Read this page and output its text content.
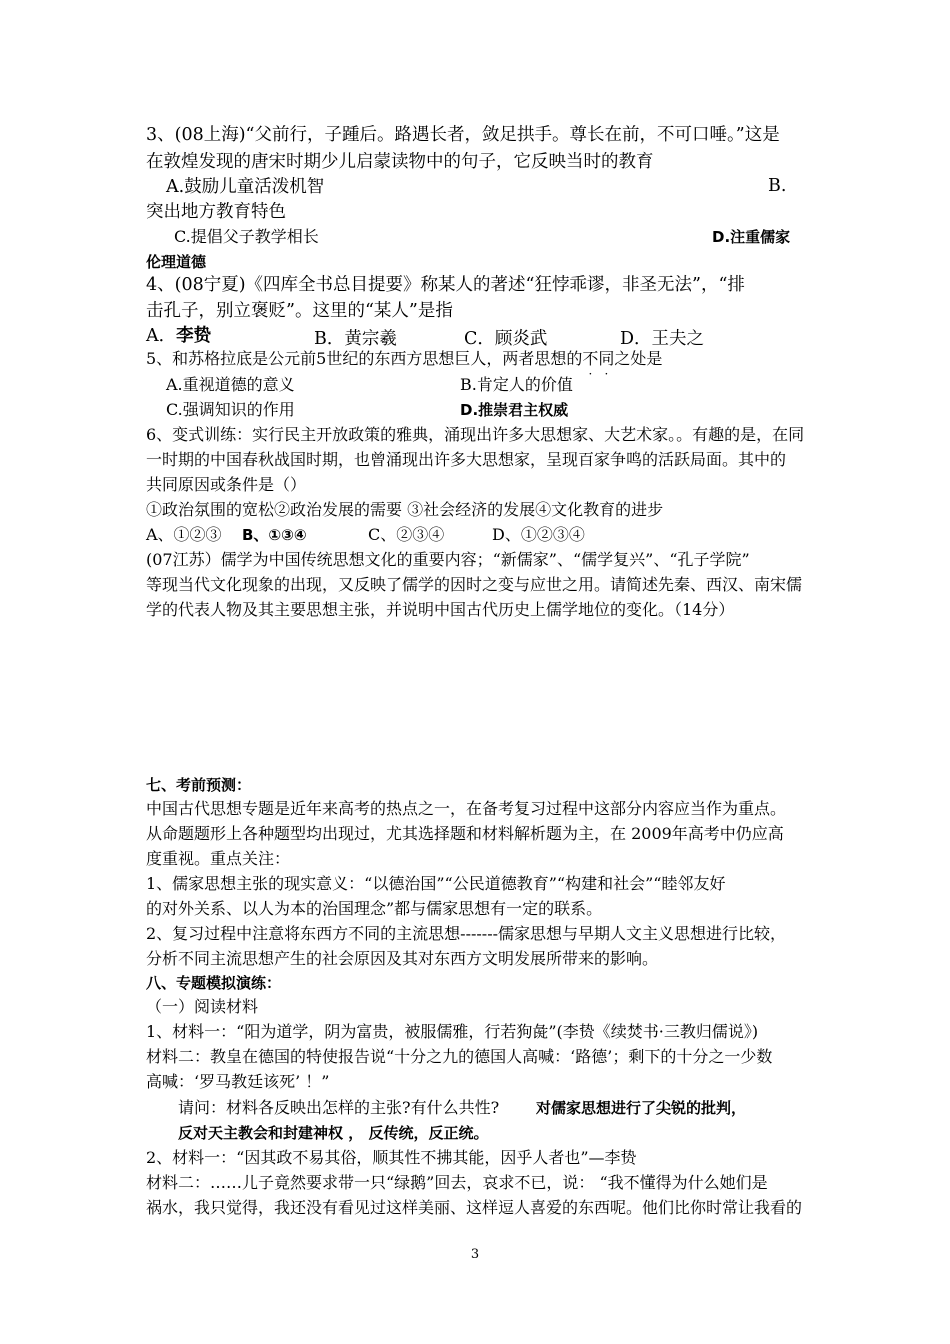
3、(08上海)“父前行，子踵后。路遇长者，敛足拱手。尊长在前，不可口唾。”这是
在敦煌发现的唐宋时期少儿启蒙读物中的句子，它反映当时的教育
A.鼓励儿童活泼机智	B.
突出地方教育特色
C.提倡父子教学相长	D.注重儒家
伦理道德
4、(08宁夏)《四库全书总目提要》称某人的著述“狂悖乖谬，非圣无法”，“排
击孔子，别立褒贬”。这里的“某人”是指
A．李贽	B．黄宗羲	C．顾炎武	D．王夫之
5、和苏格拉底是公元前5世纪的东西方思想巨人，两者思想的不同之处是
A.重视道德的意义	B.肯定人的价值
C.强调知识的作用	D.推崇君主权威
6、变式训练：实行民主开放政策的雅典，涌现出许多大思想家、大艺术家。。有趣的是，在同
一时期的中国春秋战国时期，也曾涌现出许多大思想家，呈现百家争鸣的活跃局面。其中的
共同原因或条件是（）
①政治氛围的宽松②政治发展的需要 ③社会经济的发展④文化教育的进步
A、①②③ B、①③④	C、②③④	D、①②③④
(07江苏）儒学为中国传统思想文化的重要内容；“新儒家”、“儒学复兴”、“孔子学院”
等现当代文化现象的出现，又反映了儒学的因时之变与应世之用。请简述先秦、西汉、南宋儒
学的代表人物及其主要思想主张，并说明中国古代历史上儒学地位的变化。（14分）
七、考前预测：
中国古代思想专题是近年来高考的热点之一，在备考复习过程中这部分内容应当作为重点。
从命题题形上各种题型均出现过，尤其选择题和材料解析题为主，在 2009年高考中仍应高
度重视。重点关注：
1、儒家思想主张的现实意义：“以德治国”“公民道德教育”“构建和社会”“睦邻友好
的对外关系、以人为本的治国理念”都与儒家思想有一定的联系。
2、复习过程中注意将东西方不同的主流思想-------儒家思想与早期人文主义思想进行比较，
分析不同主流思想产生的社会原因及其对东西方文明发展所带来的影响。
八、专题模拟演练：
（一）阅读材料
1、材料一：“阳为道学，阴为富贵，被服儒雅，行若狗彘”(李贽《续焚书·三教归儒说》)
材料二：教皇在德国的特使报告说“十分之九的德国人高喊：‘路德’；剩下的十分之一少数
高喊：‘罗马教廷该死’ ！”
请问：材料各反映出怎样的主张?有什么共性? 对儒家思想进行了尖锐的批判，
反对天主教会和封建神权 ， 反传统，反正统。
2、材料一：“因其政不易其俗，顺其性不拂其能，因乎人者也”—李贽
材料二：……儿子竟然要求带一只“绿鹅”回去，哀求不已，说： “我不懂得为什么她们是
祸水，我只觉得，我还没有看见过这样美丽、这样逗人喜爱的东西呢。他们比你时常让我看的
3
